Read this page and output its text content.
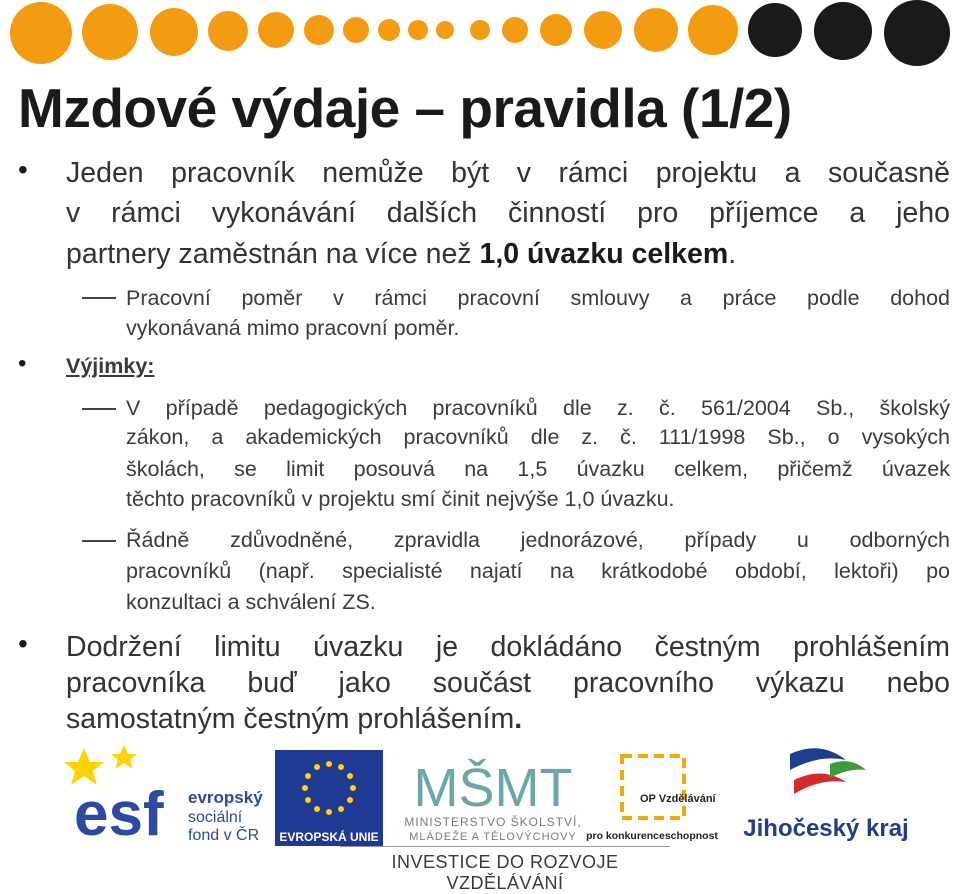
Mzdové výdaje – pravidla (1/2)
• Jeden pracovník nemůže být v rámci projektu a současně
v rámci vykonávání dalších činností pro příjemce a jeho
partnery zaměstnán na více než 1,0 úvazku celkem.
Pracovní poměr v rámci pracovní smlouvy a práce podle dohod
vykonávaná mimo pracovní poměr.
• Výjimky:
V případě pedagogických pracovníků dle z. č. 561/2004 Sb., školský
zákon, a akademických pracovníků dle z. č. 111/1998 Sb., o vysokých
školách, se limit posouvá na 1,5 úvazku celkem, přičemž úvazek
těchto pracovníků v projektu smí činit nejvýše 1,0 úvazku.
Řádně zdůvodněné, zpravidla jednorázové, případy u odborných
pracovníků (např. specialisté najatí na krátkodobé období, lektoři) po
konzultaci a schválení ZS.
• Dodržení limitu úvazku je dokládáno čestným prohlášením
pracovníka buď jako součást pracovního výkazu nebo
samostatným čestným prohlášením.
esf evropský
sociální
fond v ČR EVROPSKÁ UNIE
MŠMT
MINISTERSTVO ŠKOLSTVÍ,
MLÁDEŽE A TĚLOVÝCHOVY
OP Vzdělávání
pro konkurenceschopnost Jihočeský kraj
INVESTICE DO ROZVOJE VZDĚLÁVÁNÍ
